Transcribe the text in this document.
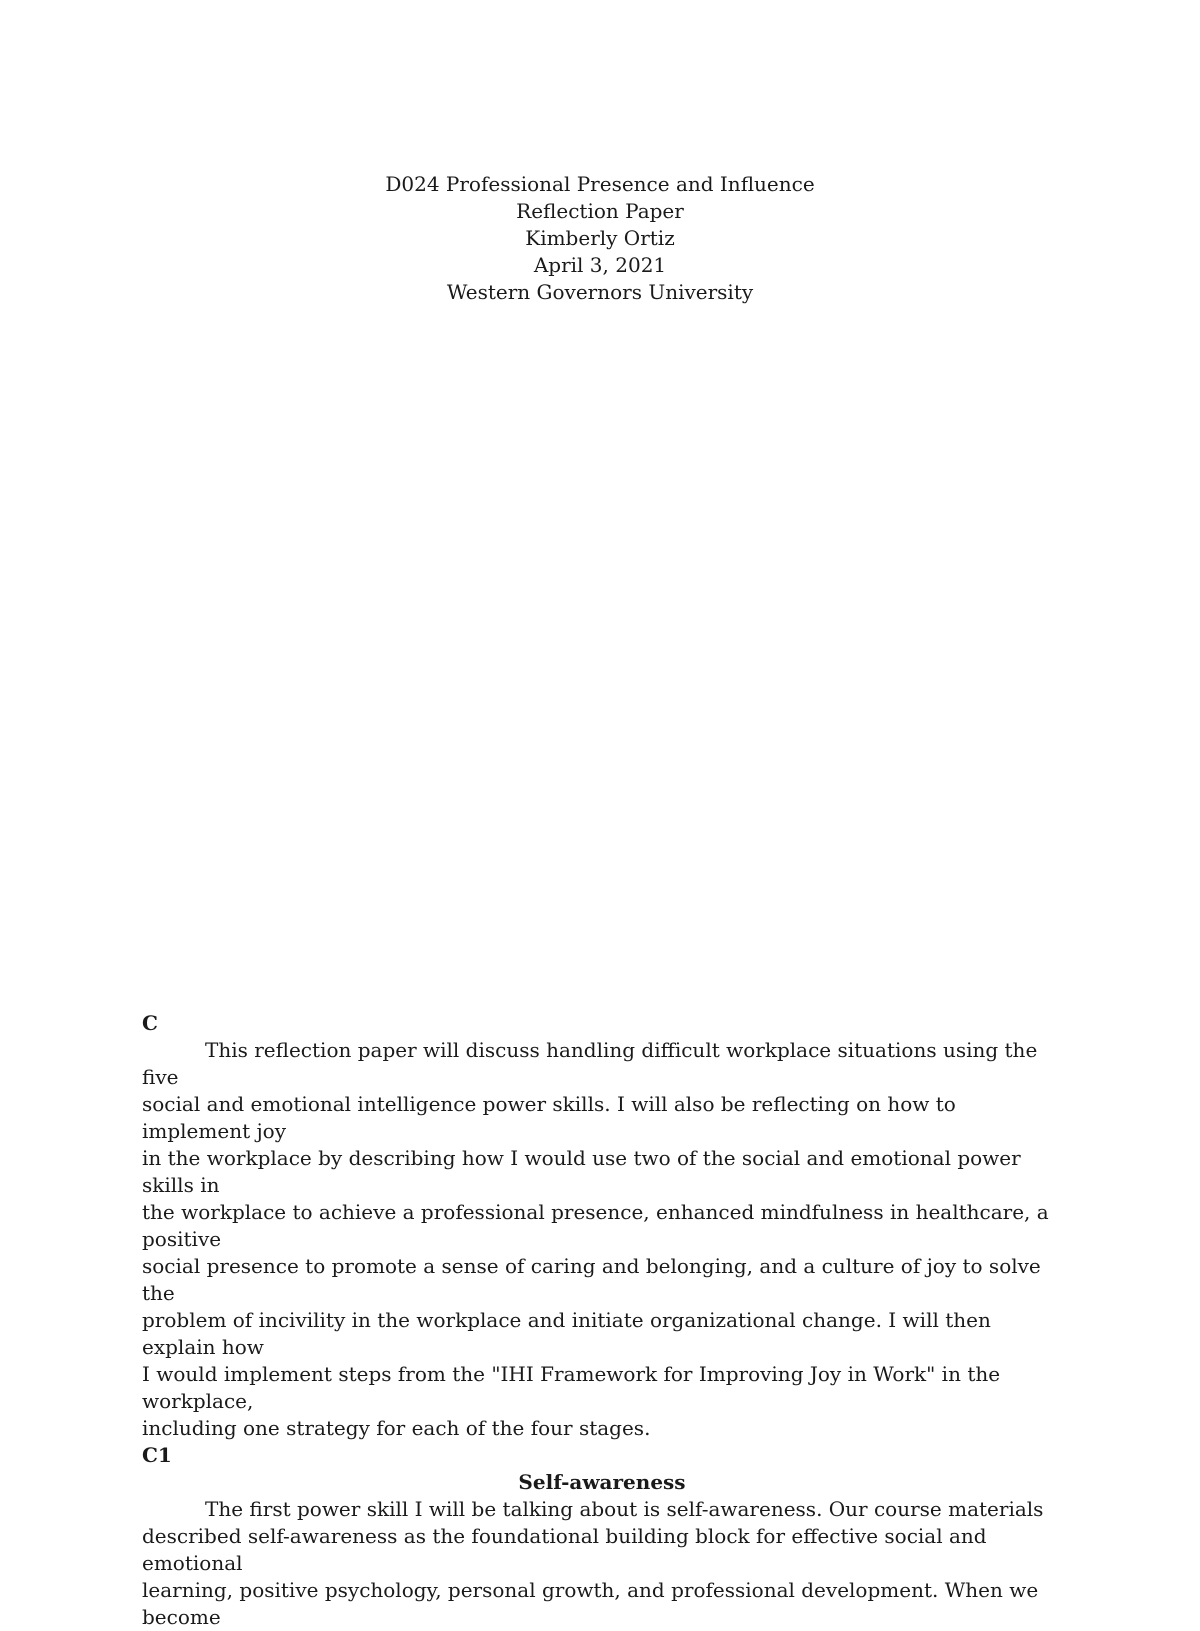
D024 Professional Presence and Influence
Reflection Paper
Kimberly Ortiz
April 3, 2021
Western Governors University
C
This reflection paper will discuss handling difficult workplace situations using the five
social and emotional intelligence power skills. I will also be reflecting on how to implement joy
in the workplace by describing how I would use two of the social and emotional power skills in
the workplace to achieve a professional presence, enhanced mindfulness in healthcare, a positive
social presence to promote a sense of caring and belonging, and a culture of joy to solve the
problem of incivility in the workplace and initiate organizational change. I will then explain how
I would implement steps from the "IHI Framework for Improving Joy in Work" in the workplace,
including one strategy for each of the four stages.
C1
Self-awareness
The first power skill I will be talking about is self-awareness. Our course materials
described self-awareness as the foundational building block for effective social and emotional
learning, positive psychology, personal growth, and professional development. When we become
